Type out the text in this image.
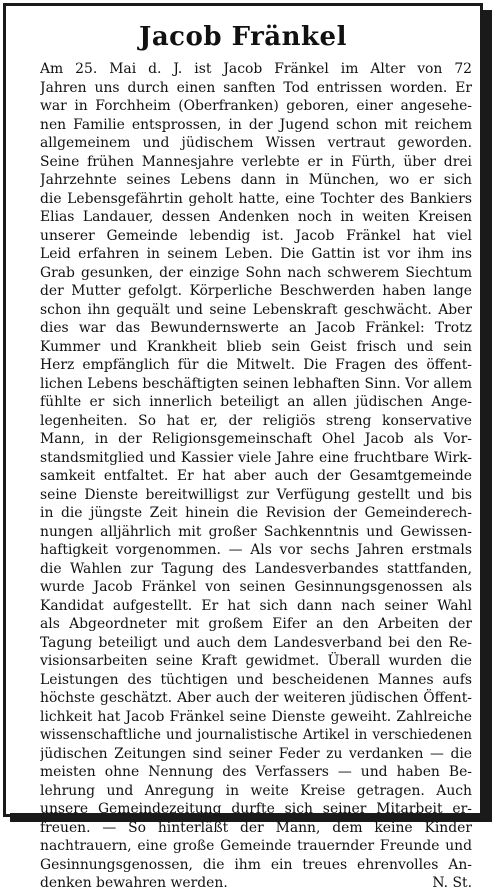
Jacob Fränkel
Am 25. Mai d. J. ist Jacob Fränkel im Alter von 72
Jahren uns durch einen sanften Tod entrissen worden. Er
war in Forchheim (Oberfranken) geboren, einer angesehe-
nen Familie entsprossen, in der Jugend schon mit reichem
allgemeinem und jüdischem Wissen vertraut geworden.
Seine frühen Mannesjahre verlebte er in Fürth, über drei
Jahrzehnte seines Lebens dann in München, wo er sich
die Lebensgefährtin geholt hatte, eine Tochter des Bankiers
Elias Landauer, dessen Andenken noch in weiten Kreisen
unserer Gemeinde lebendig ist. Jacob Fränkel hat viel
Leid erfahren in seinem Leben. Die Gattin ist vor ihm ins
Grab gesunken, der einzige Sohn nach schwerem Siechtum
der Mutter gefolgt. Körperliche Beschwerden haben lange
schon ihn gequält und seine Lebenskraft geschwächt. Aber
dies war das Bewundernswerte an Jacob Fränkel: Trotz
Kummer und Krankheit blieb sein Geist frisch und sein
Herz empfänglich für die Mitwelt. Die Fragen des öffent-
lichen Lebens beschäftigten seinen lebhaften Sinn. Vor allem
fühlte er sich innerlich beteiligt an allen jüdischen Ange-
legenheiten. So hat er, der religiös streng konservative
Mann, in der Religionsgemeinschaft Ohel Jacob als Vor-
standsmitglied und Kassier viele Jahre eine fruchtbare Wirk-
samkeit entfaltet. Er hat aber auch der Gesamtgemeinde
seine Dienste bereitwilligst zur Verfügung gestellt und bis
in die jüngste Zeit hinein die Revision der Gemeinderech-
nungen alljährlich mit großer Sachkenntnis und Gewissen-
haftigkeit vorgenommen. — Als vor sechs Jahren erstmals
die Wahlen zur Tagung des Landesverbandes stattfanden,
wurde Jacob Fränkel von seinen Gesinnungsgenossen als
Kandidat aufgestellt. Er hat sich dann nach seiner Wahl
als Abgeordneter mit großem Eifer an den Arbeiten der
Tagung beteiligt und auch dem Landesverband bei den Re-
visionsarbeiten seine Kraft gewidmet. Überall wurden die
Leistungen des tüchtigen und bescheidenen Mannes aufs
höchste geschätzt. Aber auch der weiteren jüdischen Öffent-
lichkeit hat Jacob Fränkel seine Dienste geweiht. Zahlreiche
wissenschaftliche und journalistische Artikel in verschiedenen
jüdischen Zeitungen sind seiner Feder zu verdanken — die
meisten ohne Nennung des Verfassers — und haben Be-
lehrung und Anregung in weite Kreise getragen. Auch
unsere Gemeindezeitung durfte sich seiner Mitarbeit er-
freuen. — So hinterläßt der Mann, dem keine Kinder
nachtrauern, eine große Gemeinde trauernder Freunde und
Gesinnungsgenossen, die ihm ein treues ehrenvolles An-
denken bewahren werden.	N. St.
